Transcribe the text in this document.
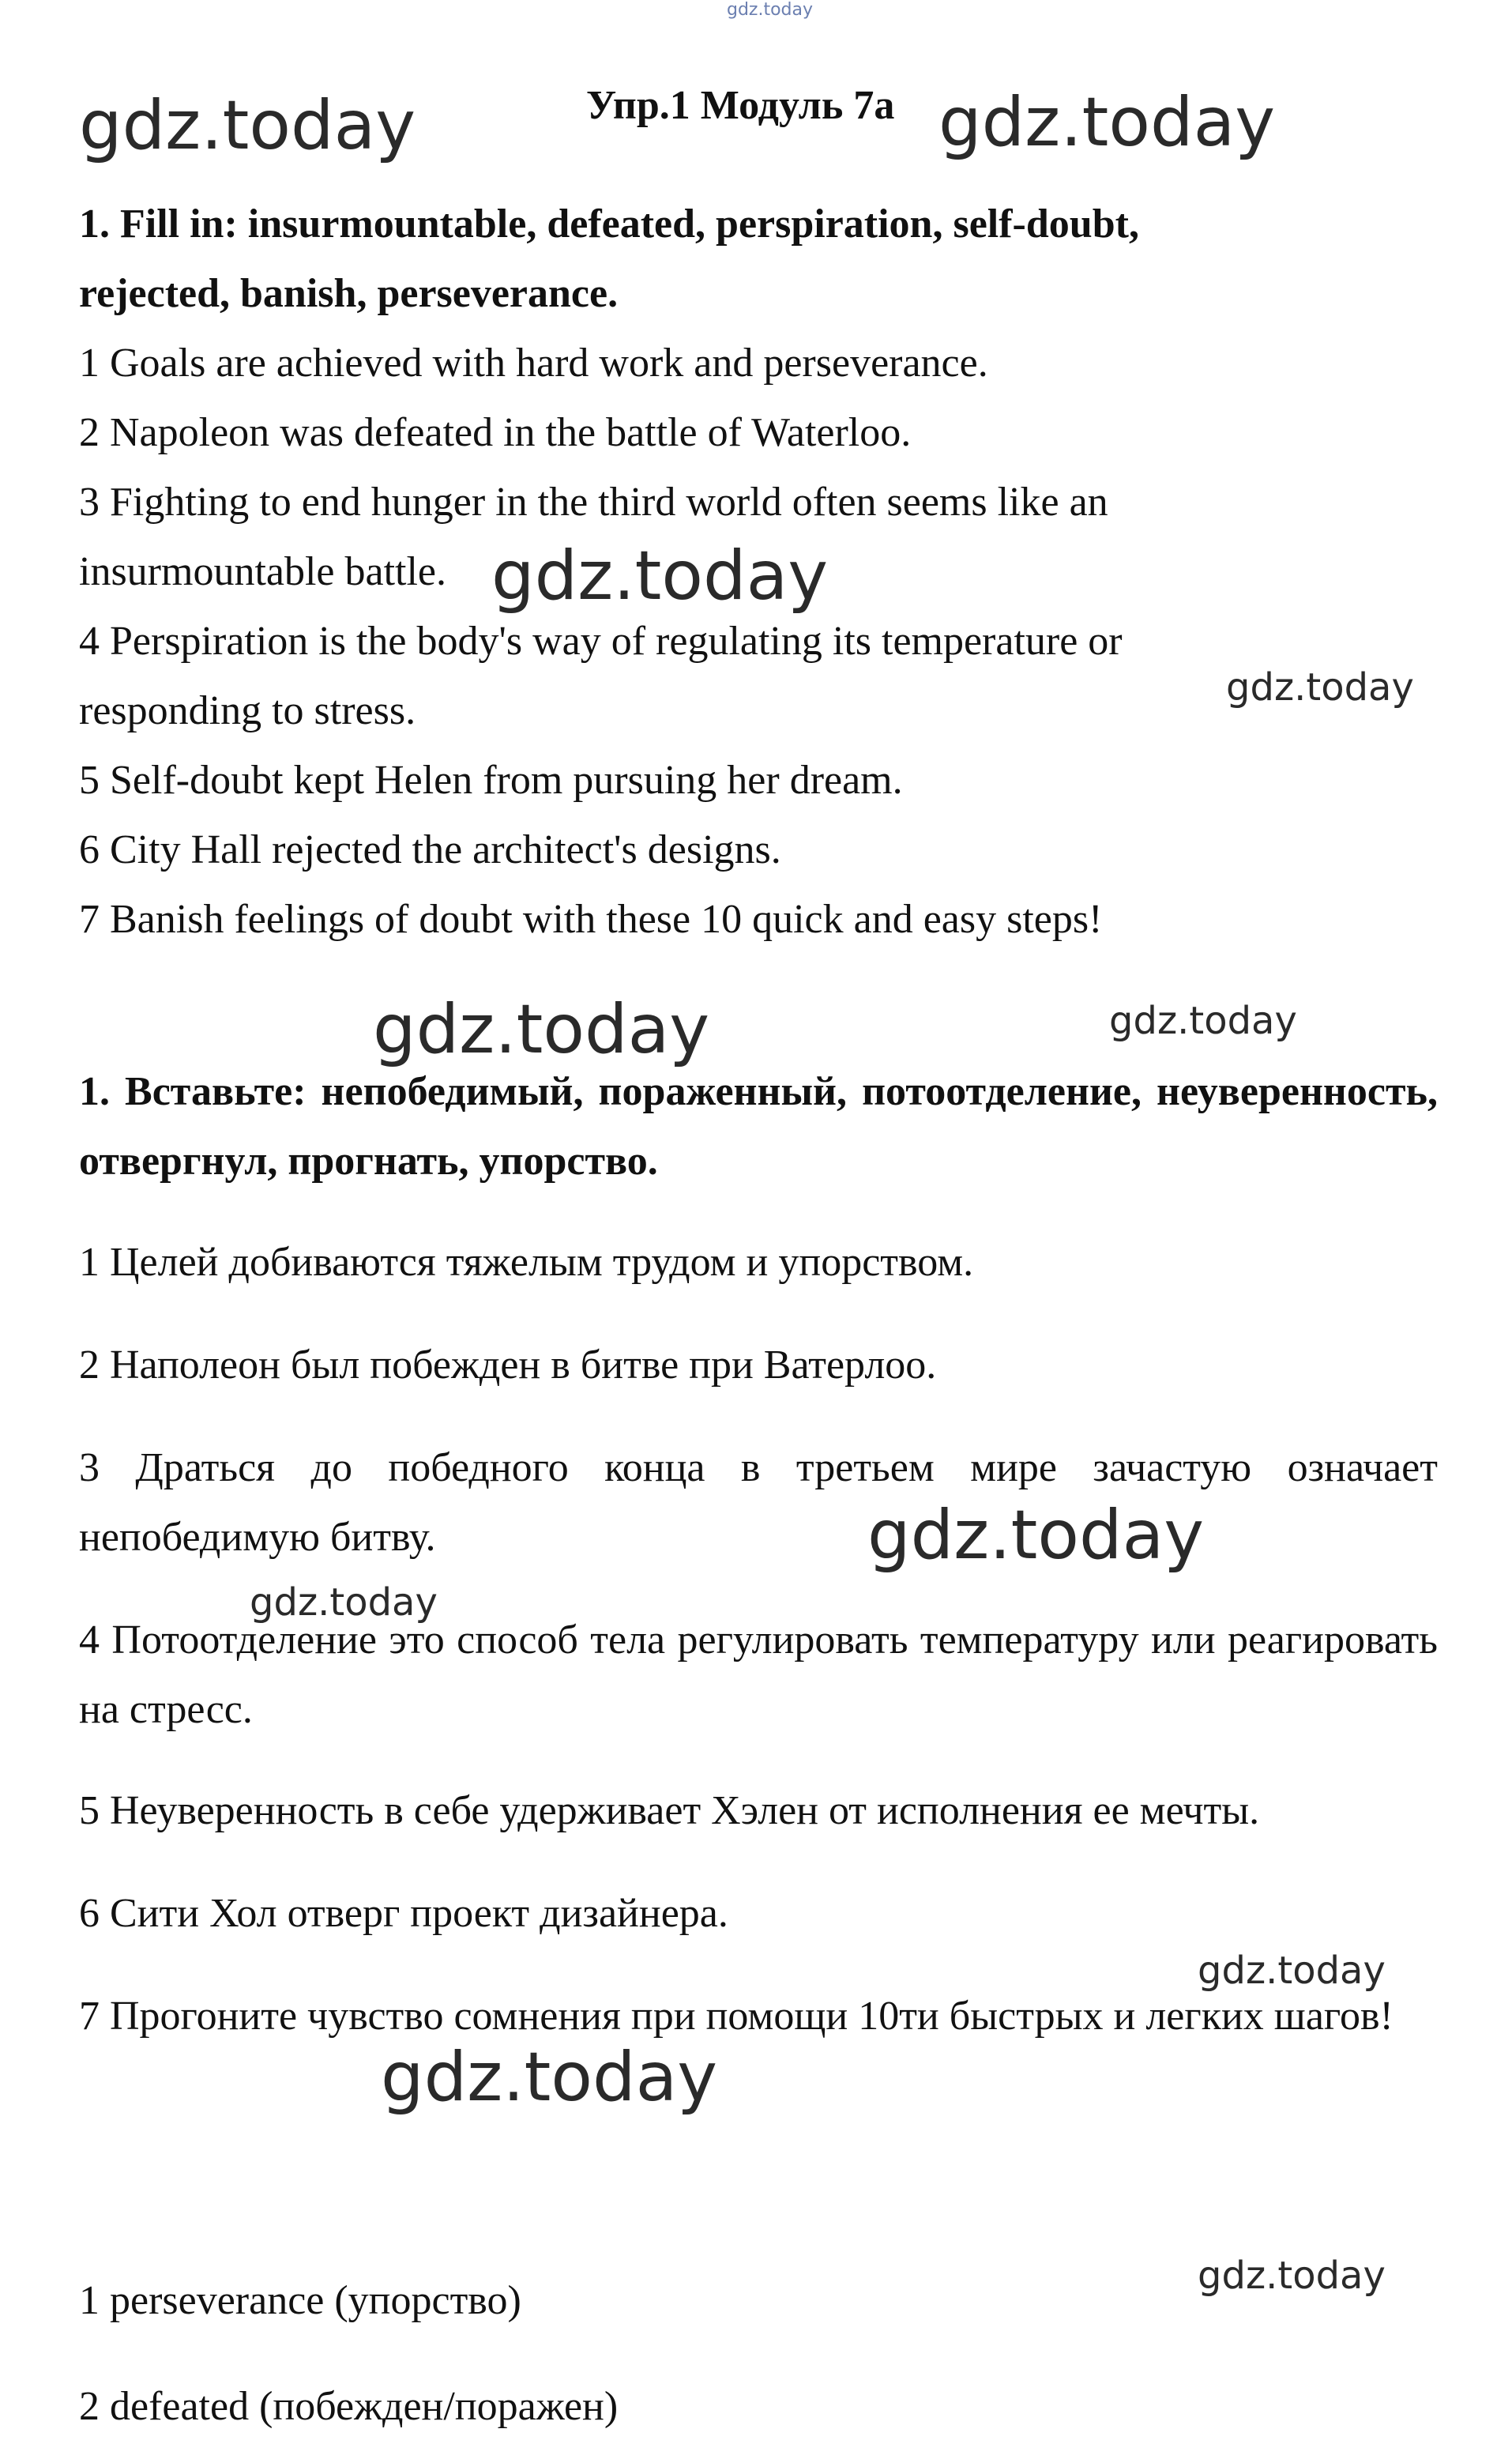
gdz.today
gdz.today	gdz.today
gdz.today
gdz.today
gdz.today	gdz.today
gdz.today
gdz.today
gdz.today
gdz.today
gdz.today
Упр.1 Модуль 7а
1. Fill in: insurmountable, defeated, perspiration, self-doubt,
rejected, banish, perseverance.
1 Goals are achieved with hard work and perseverance.
2 Napoleon was defeated in the battle of Waterloo.
3 Fighting to end hunger in the third world often seems like an
insurmountable battle.
4 Perspiration is the body's way of regulating its temperature or
responding to stress.
5 Self-doubt kept Helen from pursuing her dream.
6 City Hall rejected the architect's designs.
7 Banish feelings of doubt with these 10 quick and easy steps!
1. Вставьте: непобедимый, пораженный, потоотделение, неуверенность, отвергнул, прогнать, упорство.
1 Целей добиваются тяжелым трудом и упорством.
2 Наполеон был побежден в битве при Ватерлоо.
3 Драться до победного конца в третьем мире зачастую означает непобедимую битву.
4 Потоотделение это способ тела регулировать температуру или реагировать на стресс.
5 Неуверенность в себе удерживает Хэлен от исполнения ее мечты.
6 Сити Хол отверг проект дизайнера.
7 Прогоните чувство сомнения при помощи 10ти быстрых и легких шагов!
1 perseverance (упорство)
2 defeated (побежден/поражен)
